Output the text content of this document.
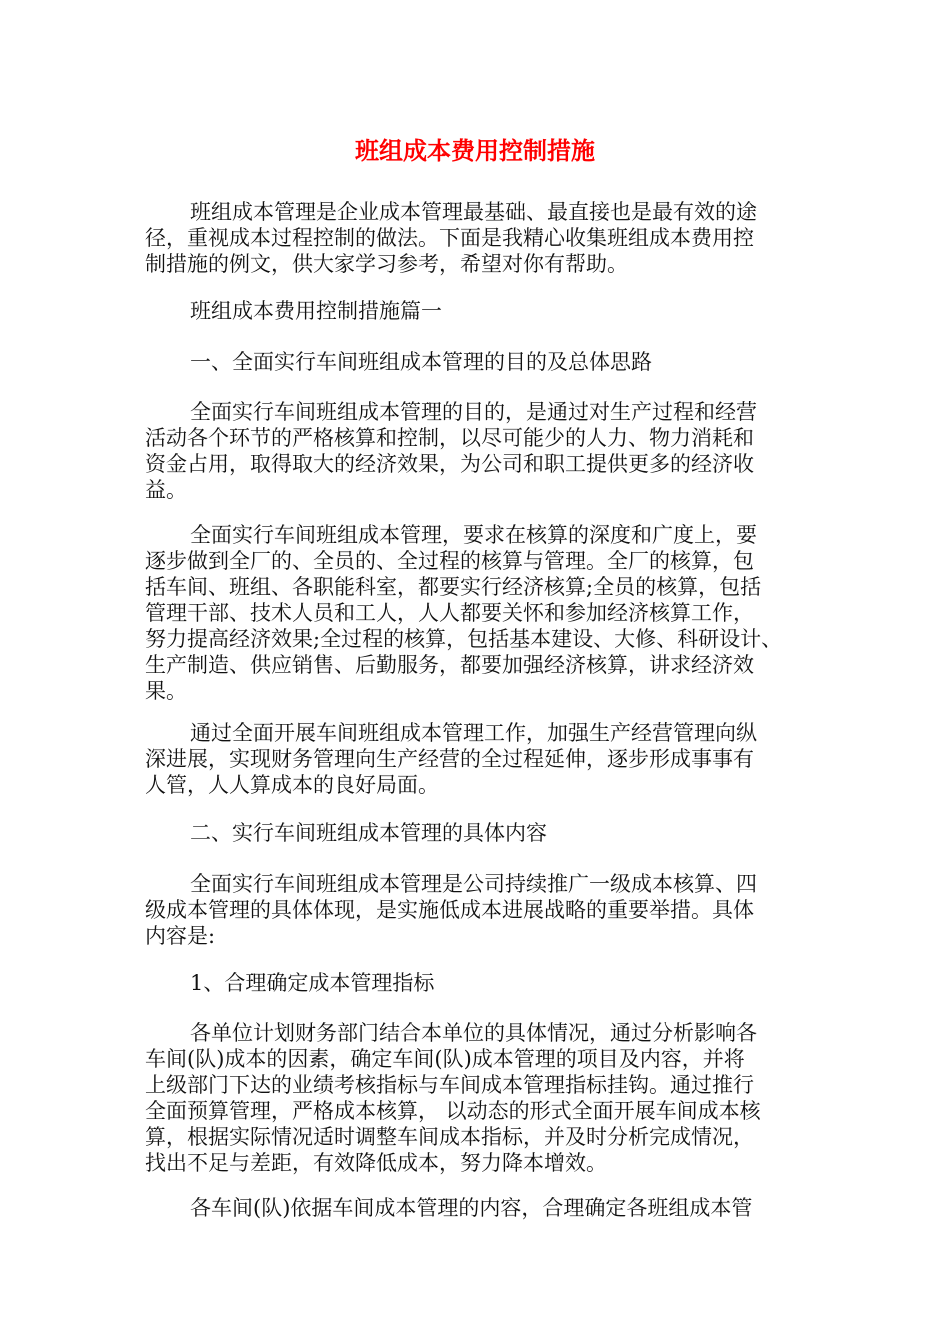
班组成本费用控制措施

班组成本管理是企业成本管理最基础、最直接也是最有效的途

径，重视成本过程控制的做法。下面是我精心收集班组成本费用控

制措施的例文，供大家学习参考，希望对你有帮助。

班组成本费用控制措施篇一

一、全面实行车间班组成本管理的目的及总体思路

全面实行车间班组成本管理的目的，是通过对生产过程和经营

活动各个环节的严格核算和控制，以尽可能少的人力、物力消耗和

资金占用，取得取大的经济效果，为公司和职工提供更多的经济收

益。

全面实行车间班组成本管理，要求在核算的深度和广度上，要

逐步做到全厂的、全员的、全过程的核算与管理。全厂的核算，包

括车间、班组、各职能科室，都要实行经济核算;全员的核算，包括

管理干部、技术人员和工人，人人都要关怀和参加经济核算工作，

努力提高经济效果;全过程的核算，包括基本建设、大修、科研设计、

生产制造、供应销售、后勤服务，都要加强经济核算，讲求经济效

果。

通过全面开展车间班组成本管理工作，加强生产经营管理向纵

深进展，实现财务管理向生产经营的全过程延伸，逐步形成事事有

人管，人人算成本的良好局面。

二、实行车间班组成本管理的具体内容

全面实行车间班组成本管理是公司持续推广一级成本核算、四

级成本管理的具体体现，是实施低成本进展战略的重要举措。具体

内容是:

1、合理确定成本管理指标

各单位计划财务部门结合本单位的具体情况，通过分析影响各

车间(队)成本的因素，确定车间(队)成本管理的项目及内容，并将

上级部门下达的业绩考核指标与车间成本管理指标挂钩。通过推行

全面预算管理，严格成本核算， 以动态的形式全面开展车间成本核

算，根据实际情况适时调整车间成本指标，并及时分析完成情况，

找出不足与差距，有效降低成本，努力降本增效。

各车间(队)依据车间成本管理的内容，合理确定各班组成本管
